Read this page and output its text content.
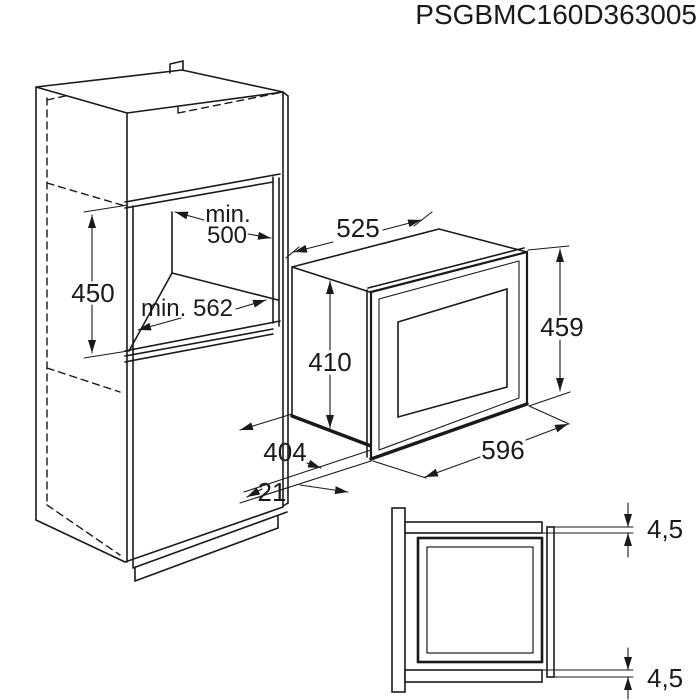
PSGBMC160D363005
450
min.
500
min. 562
525
410
459
596
404
21
4,5
4,5
